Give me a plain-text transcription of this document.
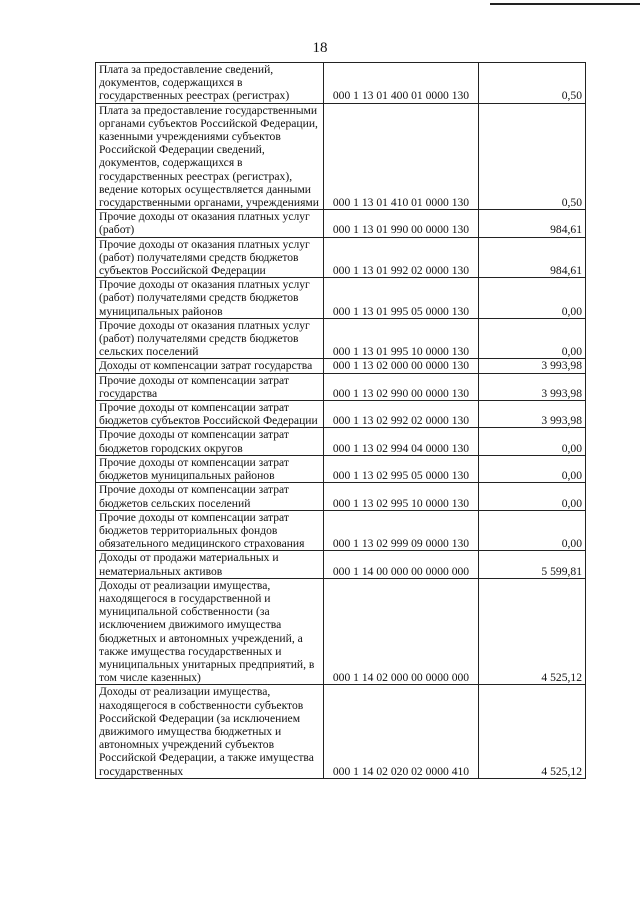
18
Плата за предоставление сведений, документов, содержащихся в государственных реестрах (регистрах)	000 1 13 01 400 01 0000 130	0,50
Плата за предоставление государственными органами субъектов Российской Федерации, казенными учреждениями субъектов Российской Федерации сведений, документов, содержащихся в государственных реестрах (регистрах), ведение которых осуществляется данными государственными органами, учреждениями	000 1 13 01 410 01 0000 130	0,50
Прочие доходы от оказания платных услуг (работ)	000 1 13 01 990 00 0000 130	984,61
Прочие доходы от оказания платных услуг (работ) получателями средств бюджетов субъектов Российской Федерации	000 1 13 01 992 02 0000 130	984,61
Прочие доходы от оказания платных услуг (работ) получателями средств бюджетов муниципальных районов	000 1 13 01 995 05 0000 130	0,00
Прочие доходы от оказания платных услуг (работ) получателями средств бюджетов сельских поселений	000 1 13 01 995 10 0000 130	0,00
Доходы от компенсации затрат государства	000 1 13 02 000 00 0000 130	3 993,98
Прочие доходы от компенсации затрат государства	000 1 13 02 990 00 0000 130	3 993,98
Прочие доходы от компенсации затрат бюджетов субъектов Российской Федерации	000 1 13 02 992 02 0000 130	3 993,98
Прочие доходы от компенсации затрат бюджетов городских округов	000 1 13 02 994 04 0000 130	0,00
Прочие доходы от компенсации затрат бюджетов муниципальных районов	000 1 13 02 995 05 0000 130	0,00
Прочие доходы от компенсации затрат бюджетов сельских поселений	000 1 13 02 995 10 0000 130	0,00
Прочие доходы от компенсации затрат бюджетов территориальных фондов обязательного медицинского страхования	000 1 13 02 999 09 0000 130	0,00
Доходы от продажи материальных и нематериальных активов	000 1 14 00 000 00 0000 000	5 599,81
Доходы от реализации имущества, находящегося в государственной и муниципальной собственности (за исключением движимого имущества бюджетных и автономных учреждений, а также имущества государственных и муниципальных унитарных предприятий, в том числе казенных)	000 1 14 02 000 00 0000 000	4 525,12
Доходы от реализации имущества, находящегося в собственности субъектов Российской Федерации (за исключением движимого имущества бюджетных и автономных учреждений субъектов Российской Федерации, а также имущества государственных	000 1 14 02 020 02 0000 410	4 525,12
